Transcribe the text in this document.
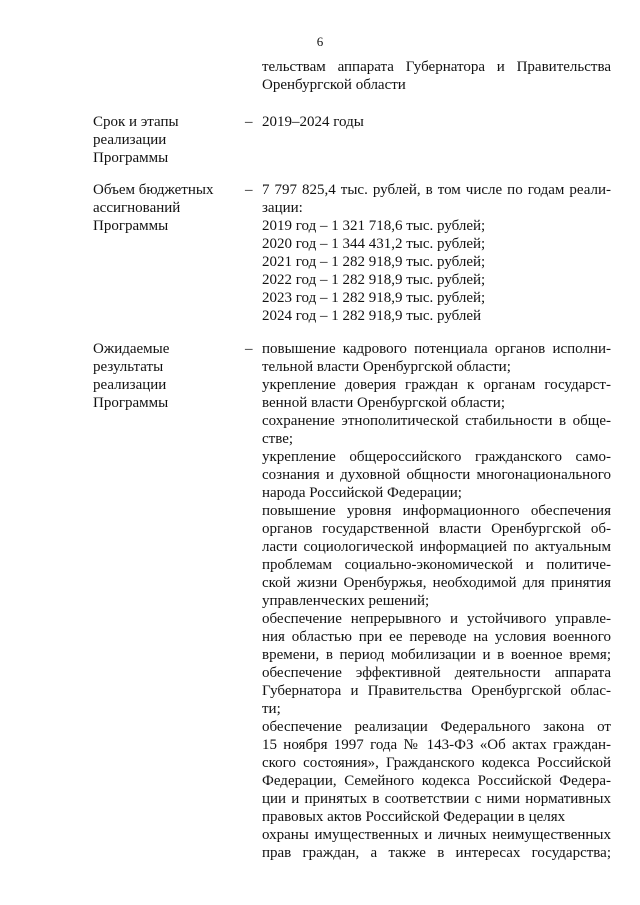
6
тельствам аппарата Губернатора и Правительства
Оренбургской области
Срок и этапы
реализации
Программы
– 2019–2024 годы
Объем бюджетных
ассигнований
Программы
– 7 797 825,4 тыс. рублей, в том числе по годам реали-
зации:
2019 год – 1 321 718,6 тыс. рублей;
2020 год – 1 344 431,2 тыс. рублей;
2021 год – 1 282 918,9 тыс. рублей;
2022 год – 1 282 918,9 тыс. рублей;
2023 год – 1 282 918,9 тыс. рублей;
2024 год – 1 282 918,9 тыс. рублей
Ожидаемые
результаты
реализации
Программы
– повышение кадрового потенциала органов исполни-
тельной власти Оренбургской области;
укрепление доверия граждан к органам государст-
венной власти Оренбургской области;
сохранение этнополитической стабильности в обще-
стве;
укрепление общероссийского гражданского само-
сознания и духовной общности многонационального
народа Российской Федерации;
повышение уровня информационного обеспечения
органов государственной власти Оренбургской об-
ласти социологической информацией по актуальным
проблемам социально-экономической и политиче-
ской жизни Оренбуржья, необходимой для принятия
управленческих решений;
обеспечение непрерывного и устойчивого управле-
ния областью при ее переводе на условия военного
времени, в период мобилизации и в военное время;
обеспечение эффективной деятельности аппарата
Губернатора и Правительства Оренбургской облас-
ти;
обеспечение реализации Федерального закона от
15 ноября 1997 года № 143-ФЗ «Об актах граждан-
ского состояния», Гражданского кодекса Российской
Федерации, Семейного кодекса Российской Федера-
ции и принятых в соответствии с ними нормативных
правовых актов Российской Федерации в целях
охраны имущественных и личных неимущественных
прав граждан, а также в интересах государства;
